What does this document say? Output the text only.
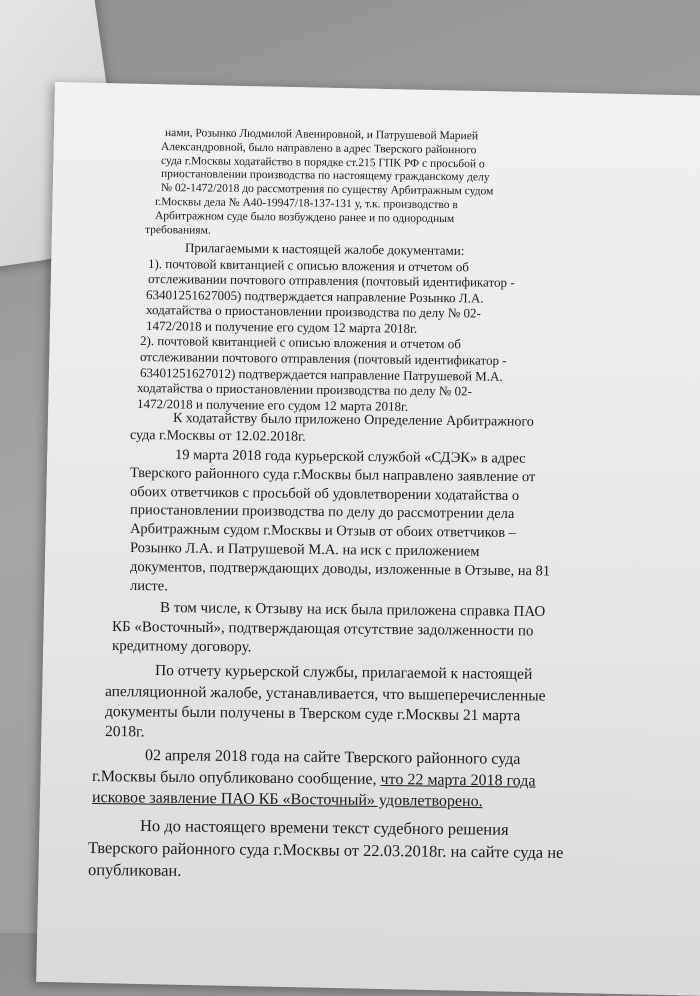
нами, Розынко Людмилой Авенировной, и Патрушевой Марией
Александровной, было направлено в адрес Тверского районного
суда г.Москвы ходатайство в порядке ст.215 ГПК РФ с просьбой о
приостановлении производства по настоящему гражданскому делу
№ 02-1472/2018 до рассмотрения по существу Арбитражным судом
г.Москвы дела № А40-19947/18-137-131 у, т.к. производство в
Арбитражном суде было возбуждено ранее и по однородным
требованиям.
Прилагаемыми к настоящей жалобе документами:
1). почтовой квитанцией с описью вложения и отчетом об
отслеживании почтового отправления (почтовый идентификатор -
63401251627005) подтверждается направление Розынко Л.А.
ходатайства о приостановлении производства по делу № 02-
1472/2018 и получение его судом 12 марта 2018г.
2). почтовой квитанцией с описью вложения и отчетом об
отслеживании почтового отправления (почтовый идентификатор -
63401251627012) подтверждается направление Патрушевой М.А.
ходатайства о приостановлении производства по делу № 02-
1472/2018 и получение его судом 12 марта 2018г.
К ходатайству было приложено Определение Арбитражного
суда г.Москвы от 12.02.2018г.
19 марта 2018 года курьерской службой «СДЭК» в адрес
Тверского районного суда г.Москвы был направлено заявление от
обоих ответчиков с просьбой об удовлетворении ходатайства о
приостановлении производства по делу до рассмотрении дела
Арбитражным судом г.Москвы и Отзыв от обоих ответчиков –
Розынко Л.А. и Патрушевой М.А. на иск с приложением
документов, подтверждающих доводы, изложенные в Отзыве, на 81
листе.
В том числе, к Отзыву на иск была приложена справка ПАО
КБ «Восточный», подтверждающая отсутствие задолженности по
кредитному договору.
По отчету курьерской службы, прилагаемой к настоящей
апелляционной жалобе, устанавливается, что вышеперечисленные
документы были получены в Тверском суде г.Москвы 21 марта
2018г.
02 апреля 2018 года на сайте Тверского районного суда
г.Москвы было опубликовано сообщение, что 22 марта 2018 года
исковое заявление ПАО КБ «Восточный» удовлетворено.
Но до настоящего времени текст судебного решения
Тверского районного суда г.Москвы от 22.03.2018г. на сайте суда не
опубликован.
